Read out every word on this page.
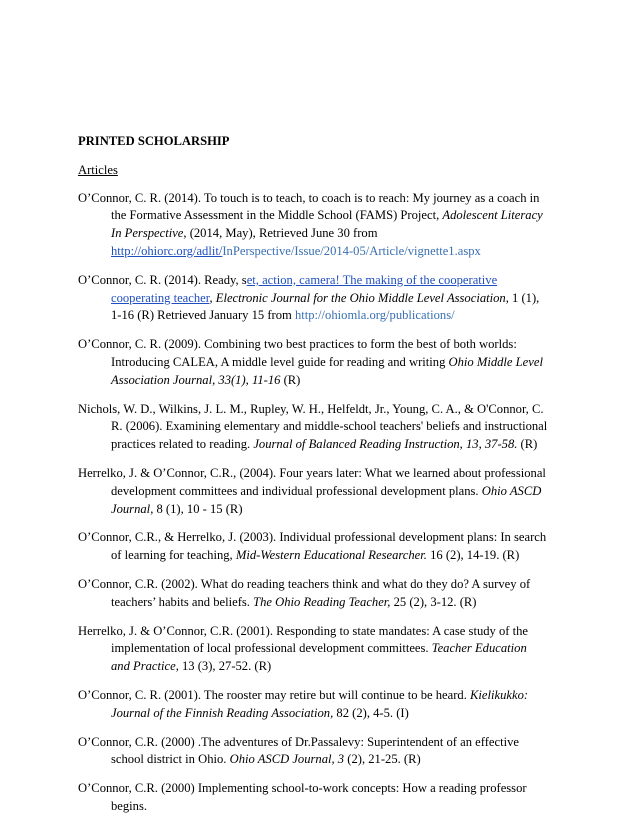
PRINTED SCHOLARSHIP

Articles
O’Connor, C. R. (2014). To touch is to teach, to coach is to reach: My journey as a coach in the Formative Assessment in the Middle School (FAMS) Project, Adolescent Literacy In Perspective, (2014, May), Retrieved June 30 from http://ohiorc.org/adlit/InPerspective/Issue/2014-05/Article/vignette1.aspx
O’Connor, C. R. (2014). Ready, set, action, camera! The making of the cooperative cooperating teacher, Electronic Journal for the Ohio Middle Level Association, 1 (1), 1-16 (R) Retrieved January 15 from http://ohiomla.org/publications/
O’Connor, C. R. (2009). Combining two best practices to form the best of both worlds: Introducing CALEA, A middle level guide for reading and writing Ohio Middle Level Association Journal, 33(1), 11-16 (R)
Nichols, W. D., Wilkins, J. L. M., Rupley, W. H., Helfeldt, Jr., Young, C. A., & O'Connor, C. R. (2006). Examining elementary and middle-school teachers' beliefs and instructional practices related to reading. Journal of Balanced Reading Instruction, 13, 37-58. (R)
Herrelko, J. & O’Connor, C.R., (2004). Four years later: What we learned about professional development committees and individual professional development plans. Ohio ASCD Journal, 8 (1), 10 - 15 (R)
O’Connor, C.R., & Herrelko, J. (2003). Individual professional development plans: In search of learning for teaching, Mid-Western Educational Researcher. 16 (2), 14-19. (R)
O’Connor, C.R. (2002). What do reading teachers think and what do they do? A survey of teachers’ habits and beliefs. The Ohio Reading Teacher, 25 (2), 3-12. (R)
Herrelko, J. & O’Connor, C.R. (2001). Responding to state mandates: A case study of the implementation of local professional development committees. Teacher Education and Practice, 13 (3), 27-52. (R)
O’Connor, C. R. (2001). The rooster may retire but will continue to be heard. Kielikukko: Journal of the Finnish Reading Association, 82 (2), 4-5. (I)
O’Connor, C.R. (2000) .The adventures of Dr.Passalevy: Superintendent of an effective school district in Ohio. Ohio ASCD Journal, 3 (2), 21-25. (R)
O’Connor, C.R. (2000) Implementing school-to-work concepts: How a reading professor begins.
